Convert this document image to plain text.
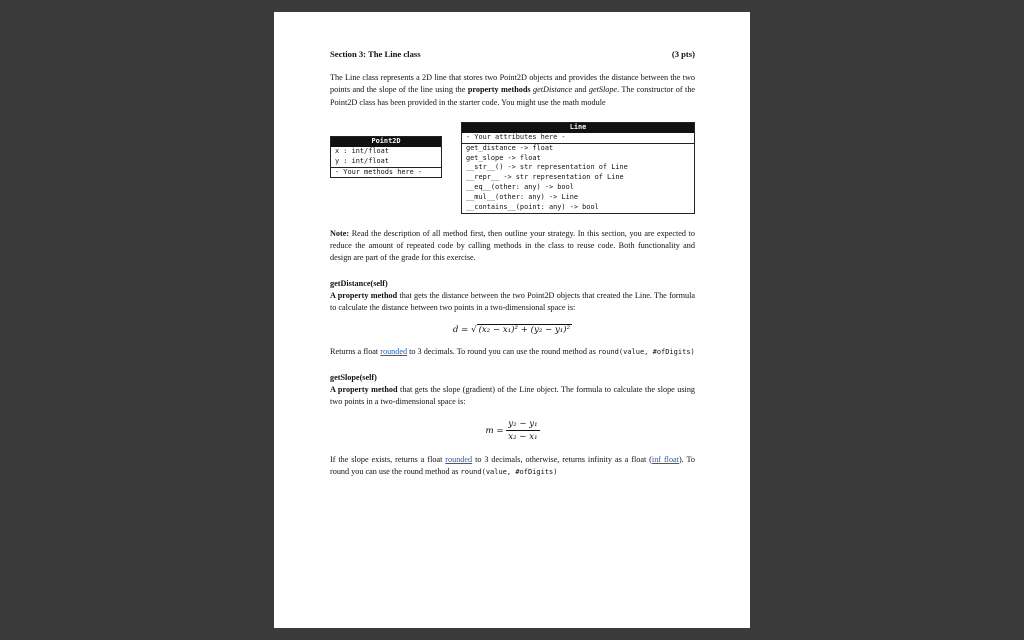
Section 3: The Line class	(3 pts)

The Line class represents a 2D line that stores two Point2D objects and provides the distance between the two points and the slope of the line using the property methods getDistance and getSlope. The constructor of the Point2D class has been provided in the starter code. You might use the math module

Point2D
x : int/float
y : int/float
- Your methods here -
Line
- Your attributes here -
get_distance -> float
get_slope -> float
__str__() -> str representation of Line
__repr__ -> str representation of Line
__eq__(other: any) -> bool
__mul__(other: any) -> Line
__contains__(point: any) -> bool

Note: Read the description of all method first, then outline your strategy. In this section, you are expected to reduce the amount of repeated code by calling methods in the class to reuse code. Both functionality and design are part of the grade for this exercise.

getDistance(self)

A property method that gets the distance between the two Point2D objects that created the Line. The formula to calculate the distance between two points in a two-dimensional space is:

d = √ (x₂ − x₁)² + (y₂ − y₁)²

Returns a float rounded to 3 decimals. To round you can use the round method as round(value, #ofDigits)

getSlope(self)

A property method that gets the slope (gradient) of the Line object. The formula to calculate the slope using two points in a two-dimensional space is:

$m = \frac{\text{y₂ − y₁}}{\text{x₂ − x₁}}$

If the slope exists, returns a float rounded to 3 decimals, otherwise, returns infinity as a float (inf float). To round you can use the round method as round(value, #ofDigits)
